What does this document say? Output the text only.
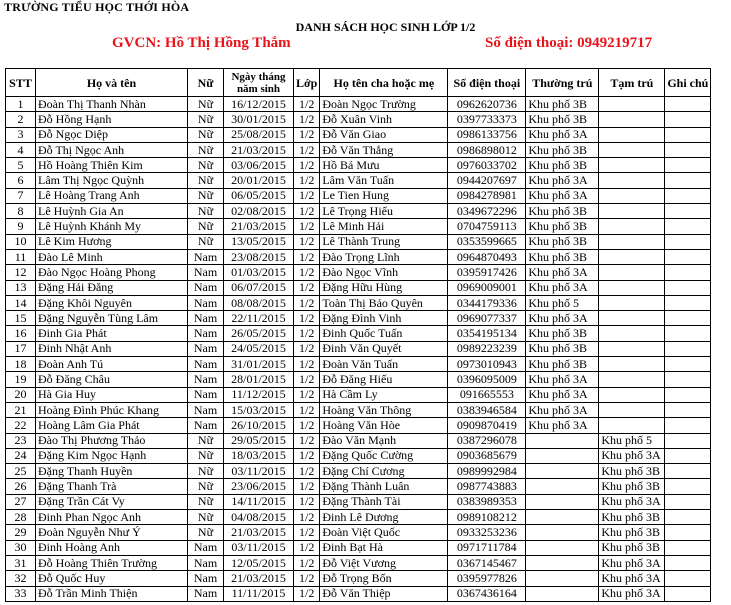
TRƯỜNG TIỂU HỌC THỚI HÒA
DANH SÁCH HỌC SINH LỚP 1/2
GVCN: Hồ Thị Hồng Thắm	Số điện thoại: 0949219717
STT	Họ và tên	Nữ	Ngày tháng năm sinh	Lớp	Họ tên cha hoặc mẹ	Số điện thoại	Thường trú	Tạm trú	Ghi chú
1	Đoàn Thị Thanh Nhàn	Nữ	16/12/2015	1/2	Đoàn Ngọc Trường	0962620736	Khu phố 3B		
2	Đỗ Hồng Hạnh	Nữ	30/01/2015	1/2	Đỗ Xuân Vinh	0397733373	Khu phố 3B		
3	Đỗ Ngọc Diệp	Nữ	25/08/2015	1/2	Đỗ Văn Giao	0986133756	Khu phố 3A		
4	Đỗ Thị Ngọc Anh	Nữ	21/03/2015	1/2	Đỗ Văn Thắng	0986898012	Khu phố 3B		
5	Hồ Hoàng Thiên Kim	Nữ	03/06/2015	1/2	Hồ Bá Mưu	0976033702	Khu phố 3B		
6	Lâm Thị Ngọc Quỳnh	Nữ	20/01/2015	1/2	Lâm Văn Tuấn	0944207697	Khu phố 3A		
7	Lê Hoàng Trang Anh	Nữ	06/05/2015	1/2	Le Tien Hung	0984278981	Khu phố 3A		
8	Lê Huỳnh Gia An	Nữ	02/08/2015	1/2	Lê Trọng Hiếu	0349672296	Khu phố 3B		
9	Lê Huỳnh Khánh My	Nữ	21/03/2015	1/2	Lê Minh Hải	0704759113	Khu phố 3B		
10	Lê Kim Hương	Nữ	13/05/2015	1/2	Lê Thành Trung	0353599665	Khu phố 3B		
11	Đào Lê Minh	Nam	23/08/2015	1/2	Đào Trọng Lĩnh	0964870493	Khu phố 3B		
12	Đào Ngọc Hoàng Phong	Nam	01/03/2015	1/2	Đào Ngọc Vĩnh	0395917426	Khu phố 3A		
13	Đặng Hải Đăng	Nam	06/07/2015	1/2	Đặng Hữu Hùng	0969009001	Khu phố 3A		
14	Đặng Khôi Nguyên	Nam	08/08/2015	1/2	Toàn Thị Bảo Quyên	0344179336	Khu phố 5		
15	Đặng Nguyễn Tùng Lâm	Nam	22/11/2015	1/2	Đặng Đình Vinh	0969077337	Khu phố 3A		
16	Đinh Gia Phát	Nam	26/05/2015	1/2	Đinh Quốc Tuấn	0354195134	Khu phố 3B		
17	Đinh Nhật Anh	Nam	24/05/2015	1/2	Đinh Văn Quyết	0989223239	Khu phố 3B		
18	Đoàn Anh Tú	Nam	31/01/2015	1/2	Đoàn Văn Tuấn	0973010943	Khu phố 3B		
19	Đỗ Đăng Châu	Nam	28/01/2015	1/2	Đỗ Đăng Hiếu	0396095009	Khu phố 3A		
20	Hà Gia Huy	Nam	11/12/2015	1/2	Hà Cầm Ly	091665553	Khu phố 3A		
21	Hoàng Đình Phúc Khang	Nam	15/03/2015	1/2	Hoàng Văn Thông	0383946584	Khu phố 3A		
22	Hoàng Lâm Gia Phát	Nam	26/10/2015	1/2	Hoàng Văn Hòe	0909870419	Khu phố 3A		
23	Đào Thị Phương Thảo	Nữ	29/05/2015	1/2	Đào Văn Mạnh	0387296078		Khu phố 5	
24	Đặng Kim Ngọc Hạnh	Nữ	18/03/2015	1/2	Đặng Quốc Cường	0903685679		Khu phố 3A	
25	Đặng Thanh Huyền	Nữ	03/11/2015	1/2	Đặng Chí Cương	0989992984		Khu phố 3B	
26	Đặng Thanh Trà	Nữ	23/06/2015	1/2	Đặng Thành Luân	0987743883		Khu phố 3B	
27	Đặng Trần Cát Vy	Nữ	14/11/2015	1/2	Đặng Thành Tài	0383989353		Khu phố 3A	
28	Đinh Phan Ngọc Anh	Nữ	04/08/2015	1/2	Đinh Lê Dương	0989108212		Khu phố 3B	
29	Đoàn Nguyễn Như Ý	Nữ	21/03/2015	1/2	Đoàn Việt Quốc	0933253236		Khu phố 3B	
30	Đinh Hoàng Anh	Nam	03/11/2015	1/2	Đinh Bạt Hà	0971711784		Khu phố 3B	
31	Đỗ Hoàng Thiên Trường	Nam	12/05/2015	1/2	Đỗ Việt Vương	0367145467		Khu phố 3A	
32	Đỗ Quốc Huy	Nam	21/03/2015	1/2	Đỗ Trọng Bốn	0395977826		Khu phố 3A	
33	Đỗ Trần Minh Thiện	Nam	11/11/2015	1/2	Đỗ Văn Thiệp	0367436164		Khu phố 3A	
